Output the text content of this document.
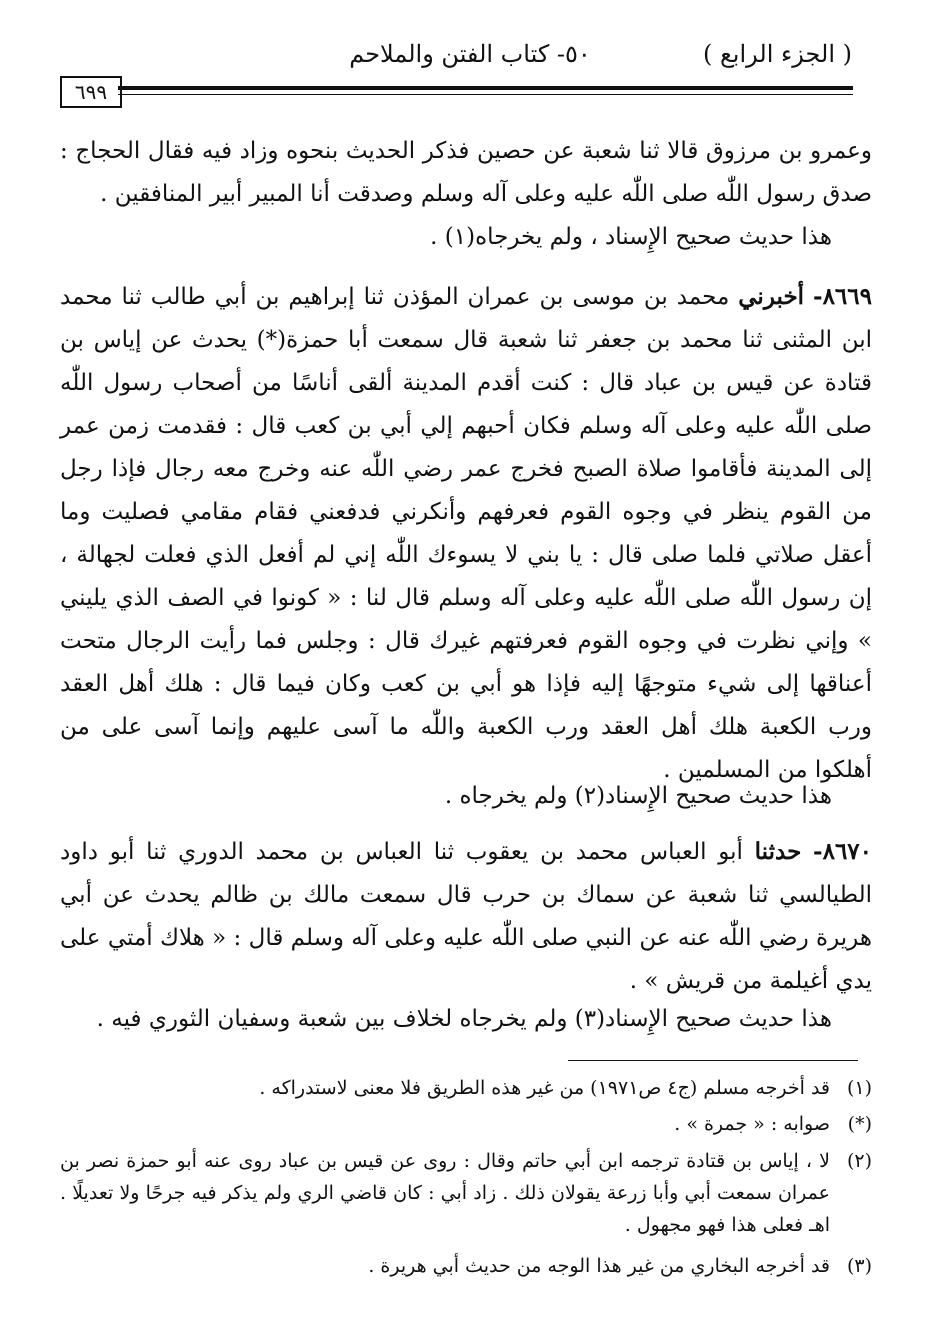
( الجزء الرابع )
٥٠- كتاب الفتن والملاحم
٦٩٩

وعمرو بن مرزوق قالا ثنا شعبة عن حصين فذكر الحديث بنحوه وزاد فيه فقال الحجاج : صدق رسول اللّٰه صلى اللّٰه عليه وعلى آله وسلم وصدقت أنا المبير أبير المنافقين .

هذا حديث صحيح الإِسناد ، ولم يخرجاه(١) .

٨٦٦٩- أخبرني محمد بن موسى بن عمران المؤذن ثنا إبراهيم بن أبي طالب ثنا محمد ابن المثنى ثنا محمد بن جعفر ثنا شعبة قال سمعت أبا حمزة(*) يحدث عن إياس بن قتادة عن قيس بن عباد قال : كنت أقدم المدينة ألقى أناسًا من أصحاب رسول اللّٰه صلى اللّٰه عليه وعلى آله وسلم فكان أحبهم إلي أبي بن كعب قال : فقدمت زمن عمر إلى المدينة فأقاموا صلاة الصبح فخرج عمر رضي اللّٰه عنه وخرج معه رجال فإذا رجل من القوم ينظر في وجوه القوم فعرفهم وأنكرني فدفعني فقام مقامي فصليت وما أعقل صلاتي فلما صلى قال : يا بني لا يسوءك اللّٰه إني لم أفعل الذي فعلت لجهالة ، إن رسول اللّٰه صلى اللّٰه عليه وعلى آله وسلم قال لنا : « كونوا في الصف الذي يليني » وإني نظرت في وجوه القوم فعرفتهم غيرك قال : وجلس فما رأيت الرجال متحت أعناقها إلى شيء متوجهًا إليه فإذا هو أبي بن كعب وكان فيما قال : هلك أهل العقد ورب الكعبة هلك أهل العقد ورب الكعبة واللّٰه ما آسى عليهم وإنما آسى على من أهلكوا من المسلمين .

هذا حديث صحيح الإِسناد(٢) ولم يخرجاه .

٨٦٧٠- حدثنا أبو العباس محمد بن يعقوب ثنا العباس بن محمد الدوري ثنا أبو داود الطيالسي ثنا شعبة عن سماك بن حرب قال سمعت مالك بن ظالم يحدث عن أبي هريرة رضي اللّٰه عنه عن النبي صلى اللّٰه عليه وعلى آله وسلم قال : « هلاك أمتي على يدي أغيلمة من قريش » .

هذا حديث صحيح الإِسناد(٣) ولم يخرجاه لخلاف بين شعبة وسفيان الثوري فيه .

(١)
قد أخرجه مسلم (ج٤ ص١٩٧١) من غير هذه الطريق فلا معنى لاستدراكه .
(*)
صوابه : « جمرة » .
(٢)
لا ، إياس بن قتادة ترجمه ابن أبي حاتم وقال : روى عن قيس بن عباد روى عنه أبو حمزة نصر بن عمران سمعت أبي وأبا زرعة يقولان ذلك . زاد أبي : كان قاضي الري ولم يذكر فيه جرحًا ولا تعديلًا . اهـ فعلى هذا فهو مجهول .
(٣)
قد أخرجه البخاري من غير هذا الوجه من حديث أبي هريرة .
